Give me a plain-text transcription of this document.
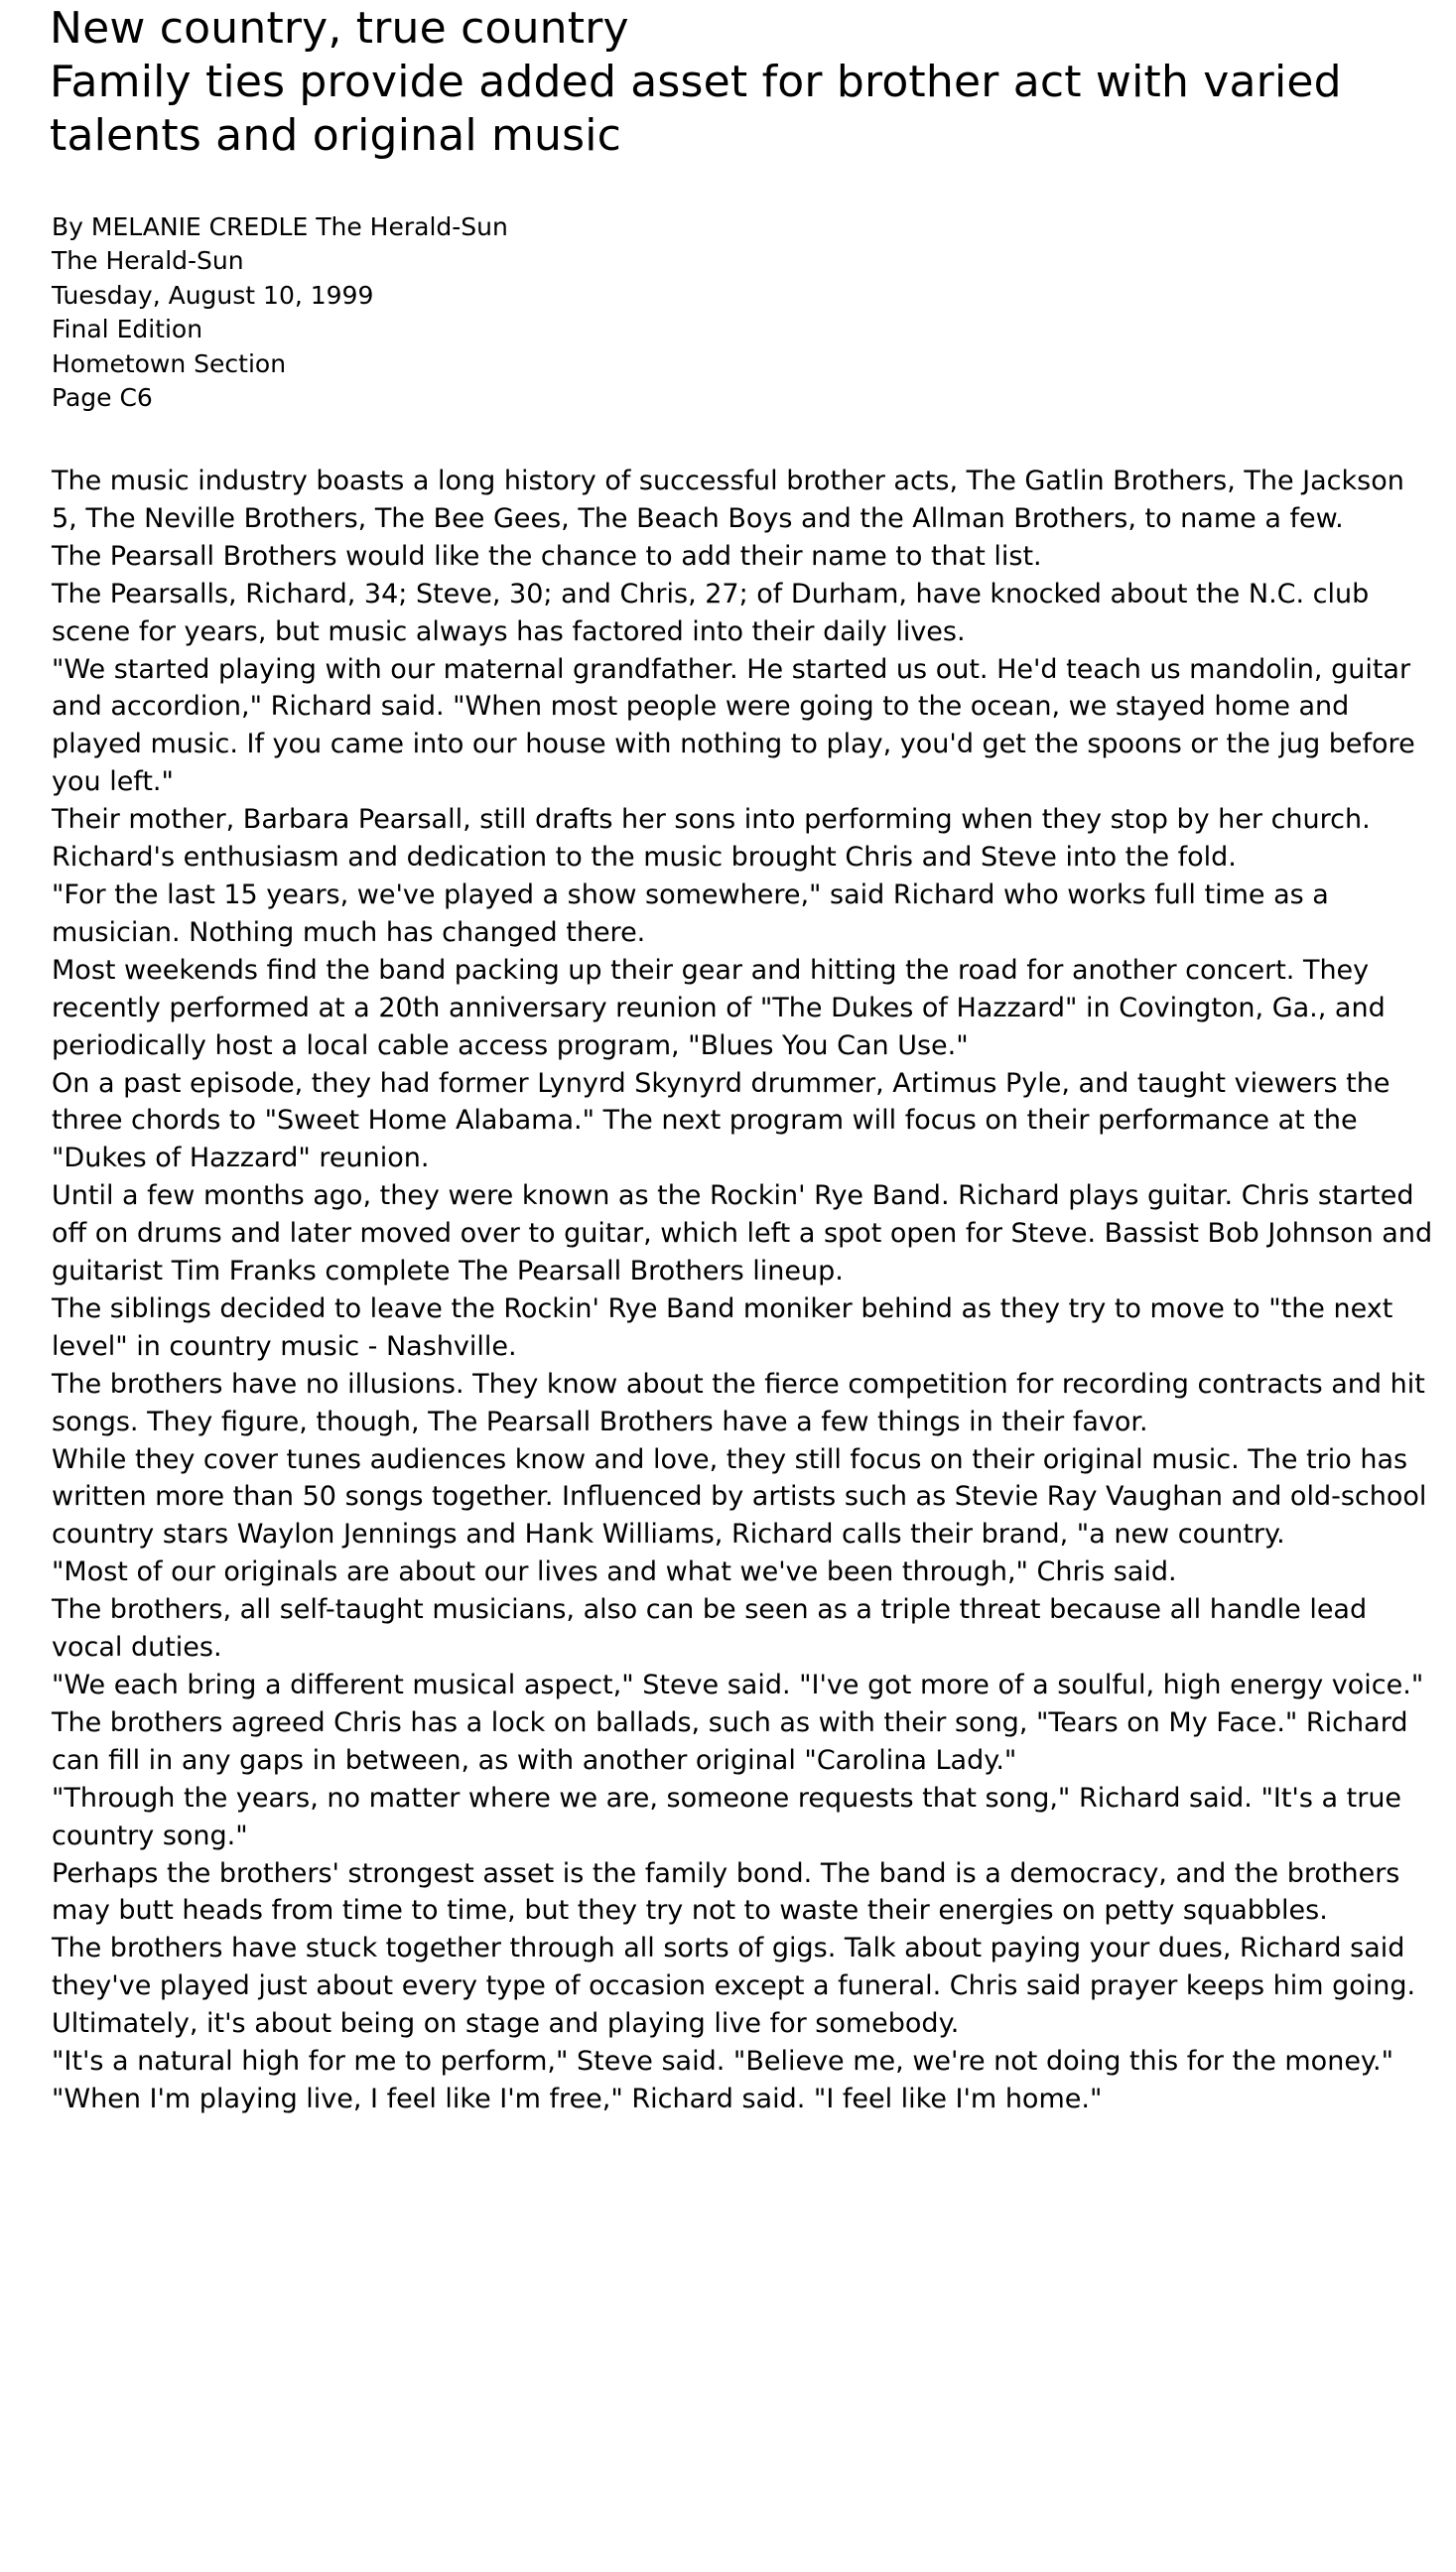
New country, true country
Family ties provide added asset for brother act with varied
talents and original music
By MELANIE CREDLE The Herald-Sun
The Herald-Sun
Tuesday, August 10, 1999
Final Edition
Hometown Section
Page C6

The music industry boasts a long history of successful brother acts, The Gatlin Brothers, The Jackson 5, The Neville Brothers, The Bee Gees, The Beach Boys and the Allman Brothers, to name a few.

The Pearsall Brothers would like the chance to add their name to that list.

The Pearsalls, Richard, 34; Steve, 30; and Chris, 27; of Durham, have knocked about the N.C. club scene for years, but music always has factored into their daily lives.

"We started playing with our maternal grandfather. He started us out. He'd teach us mandolin, guitar and accordion," Richard said. "When most people were going to the ocean, we stayed home and played music. If you came into our house with nothing to play, you'd get the spoons or the jug before you left."

Their mother, Barbara Pearsall, still drafts her sons into performing when they stop by her church.

Richard's enthusiasm and dedication to the music brought Chris and Steve into the fold.

"For the last 15 years, we've played a show somewhere," said Richard who works full time as a musician. Nothing much has changed there.

Most weekends find the band packing up their gear and hitting the road for another concert. They recently performed at a 20th anniversary reunion of "The Dukes of Hazzard" in Covington, Ga., and periodically host a local cable access program, "Blues You Can Use."

On a past episode, they had former Lynyrd Skynyrd drummer, Artimus Pyle, and taught viewers the three chords to "Sweet Home Alabama." The next program will focus on their performance at the "Dukes of Hazzard" reunion.

Until a few months ago, they were known as the Rockin' Rye Band. Richard plays guitar. Chris started off on drums and later moved over to guitar, which left a spot open for Steve. Bassist Bob Johnson and guitarist Tim Franks complete The Pearsall Brothers lineup.

The siblings decided to leave the Rockin' Rye Band moniker behind as they try to move to "the next level" in country music - Nashville.

The brothers have no illusions. They know about the fierce competition for recording contracts and hit songs. They figure, though, The Pearsall Brothers have a few things in their favor.

While they cover tunes audiences know and love, they still focus on their original music. The trio has written more than 50 songs together. Influenced by artists such as Stevie Ray Vaughan and old-school country stars Waylon Jennings and Hank Williams, Richard calls their brand, "a new country.

"Most of our originals are about our lives and what we've been through," Chris said.

The brothers, all self-taught musicians, also can be seen as a triple threat because all handle lead vocal duties.

"We each bring a different musical aspect," Steve said. "I've got more of a soulful, high energy voice."

The brothers agreed Chris has a lock on ballads, such as with their song, "Tears on My Face." Richard can fill in any gaps in between, as with another original "Carolina Lady."

"Through the years, no matter where we are, someone requests that song," Richard said. "It's a true country song."

Perhaps the brothers' strongest asset is the family bond. The band is a democracy, and the brothers may butt heads from time to time, but they try not to waste their energies on petty squabbles.

The brothers have stuck together through all sorts of gigs. Talk about paying your dues, Richard said they've played just about every type of occasion except a funeral. Chris said prayer keeps him going. Ultimately, it's about being on stage and playing live for somebody.

"It's a natural high for me to perform," Steve said. "Believe me, we're not doing this for the money."

"When I'm playing live, I feel like I'm free," Richard said. "I feel like I'm home."
